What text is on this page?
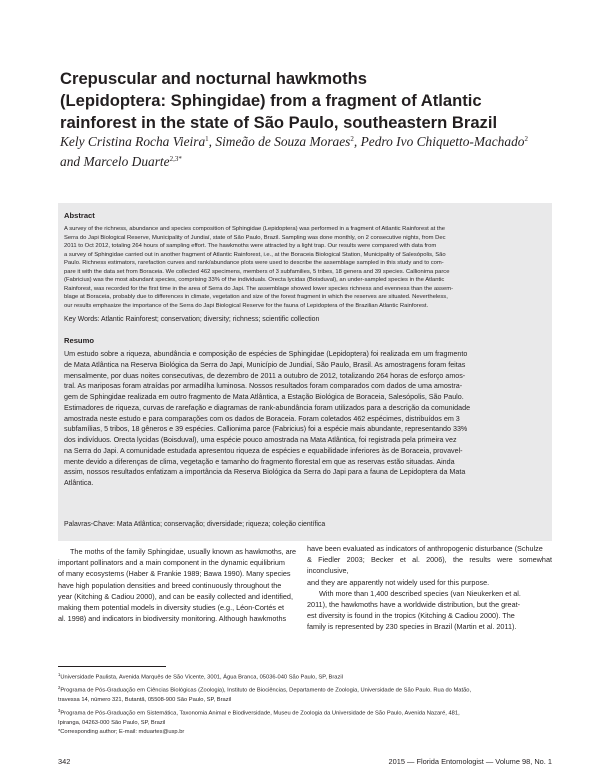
Crepuscular and nocturnal hawkmoths
(Lepidoptera: Sphingidae) from a fragment of Atlantic
rainforest in the state of São Paulo, southeastern Brazil
Kely Cristina Rocha Vieira$^1$, Simeão de Souza Moraes$^2$, Pedro Ivo Chiquetto-Machado$^2$
and Marcelo Duarte$^{2,3*}$
Abstract
A survey of the richness, abundance and species composition of Sphingidae (Lepidoptera) was performed in a fragment of Atlantic Rainforest at the
Serra do Japi Biological Reserve, Municipality of Jundiaí, state of São Paulo, Brazil. Sampling was done monthly, on 2 consecutive nights, from Dec
2011 to Oct 2012, totaling 264 hours of sampling effort. The hawkmoths were attracted by a light trap. Our results were compared with data from
a survey of Sphingidae carried out in another fragment of Atlantic Rainforest, i.e., at the Boraceia Biological Station, Municipality of Salesópolis, São
Paulo. Richness estimators, rarefaction curves and rank/abundance plots were used to describe the assemblage sampled in this study and to com-
pare it with the data set from Boraceia. We collected 462 specimens, members of 3 subfamilies, 5 tribes, 18 genera and 39 species. Callionima parce
(Fabricius) was the most abundant species, comprising 33% of the individuals. Orecta lycidas (Boisduval), an under-sampled species in the Atlantic
Rainforest, was recorded for the first time in the area of Serra do Japi. The assemblage showed lower species richness and evenness than the assem-
blage at Boraceia, probably due to differences in climate, vegetation and size of the forest fragment in which the reserves are situated. Nevertheless,
our results emphasize the importance of the Serra do Japi Biological Reserve for the fauna of Lepidoptera of the Brazilian Atlantic Rainforest.
Key Words: Atlantic Rainforest; conservation; diversity; richness; scientific collection
Resumo
Um estudo sobre a riqueza, abundância e composição de espécies de Sphingidae (Lepidoptera) foi realizada em um fragmento
de Mata Atlântica na Reserva Biológica da Serra do Japi, Município de Jundiaí, São Paulo, Brasil. As amostragens foram feitas
mensalmente, por duas noites consecutivas, de dezembro de 2011 a outubro de 2012, totalizando 264 horas de esforço amos-
tral. As mariposas foram atraídas por armadilha luminosa. Nossos resultados foram comparados com dados de uma amostra-
gem de Sphingidae realizada em outro fragmento de Mata Atlântica, a Estação Biológica de Boraceia, Salesópolis, São Paulo.
Estimadores de riqueza, curvas de rarefação e diagramas de rank-abundância foram utilizados para a descrição da comunidade
amostrada neste estudo e para comparações com os dados de Boraceia. Foram coletados 462 espécimes, distribuídos em 3
subfamílias, 5 tribos, 18 gêneros e 39 espécies. Callionima parce (Fabricius) foi a espécie mais abundante, representando 33%
dos indivíduos. Orecta lycidas (Boisduval), uma espécie pouco amostrada na Mata Atlântica, foi registrada pela primeira vez
na Serra do Japi. A comunidade estudada apresentou riqueza de espécies e equabilidade inferiores às de Boraceia, provavel-
mente devido a diferenças de clima, vegetação e tamanho do fragmento florestal em que as reservas estão situadas. Ainda
assim, nossos resultados enfatizam a importância da Reserva Biológica da Serra do Japi para a fauna de Lepidoptera da Mata
Atlântica.
Palavras-Chave: Mata Atlântica; conservação; diversidade; riqueza; coleção científica
The moths of the family Sphingidae, usually known as hawkmoths, are
important pollinators and a main component in the dynamic equilibrium
of many ecosystems (Haber & Frankie 1989; Bawa 1990). Many species
have high population densities and breed continuously throughout the
year (Kitching & Cadiou 2000), and can be easily collected and identified,
making them potential models in diversity studies (e.g., Léon-Cortés et
al. 1998) and indicators in biodiversity monitoring. Although hawkmoths
have been evaluated as indicators of anthropogenic disturbance (Schulze
& Fiedler 2003; Becker et al. 2006), the results were somewhat inconclusive,
and they are apparently not widely used for this purpose.
With more than 1,400 described species (van Nieukerken et al.
2011), the hawkmoths have a worldwide distribution, but the great-
est diversity is found in the tropics (Kitching & Cadiou 2000). The
family is represented by 230 species in Brazil (Martin et al. 2011).
$^1$Universidade Paulista, Avenida Marquês de São Vicente, 3001, Água Branca, 05036-040 São Paulo, SP, Brazil
$^2$Programa de Pós-Graduação em Ciências Biológicas (Zoologia), Instituto de Biociências, Departamento de Zoologia, Universidade de São Paulo. Rua do Matão,
travessa 14, número 321, Butantã, 05508-900 São Paulo, SP, Brazil
$^3$Programa de Pós-Graduação em Sistemática, Taxonomia Animal e Biodiversidade, Museu de Zoologia da Universidade de São Paulo, Avenida Nazaré, 481,
Ipiranga, 04263-000 São Paulo, SP, Brazil
*Corresponding author; E-mail: mduartes@usp.br
342	2015 — Florida Entomologist — Volume 98, No. 1
